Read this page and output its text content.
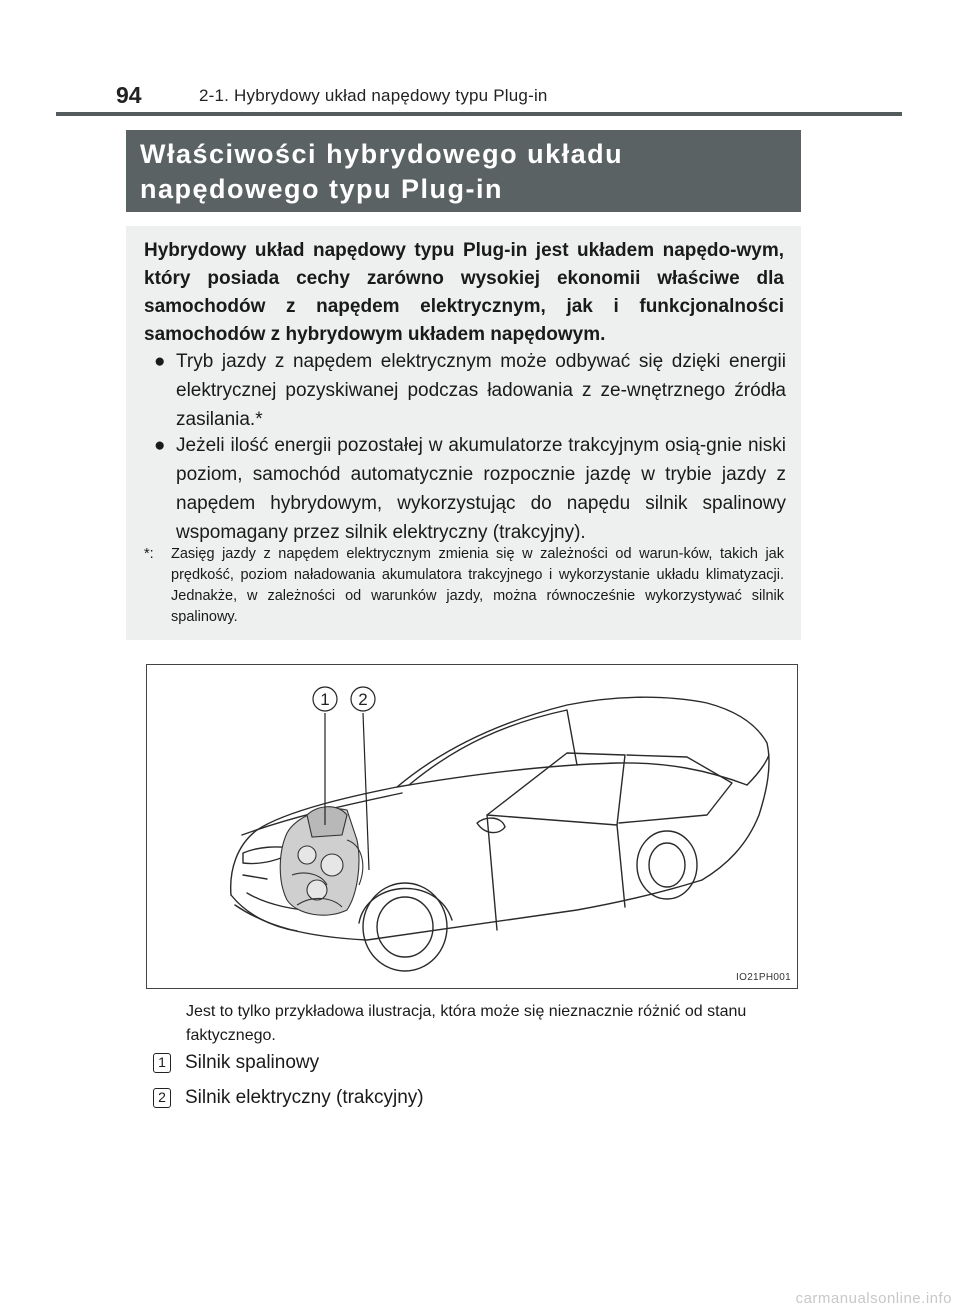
94	2-1. Hybrydowy układ napędowy typu Plug-in
Właściwości hybrydowego układu
napędowego typu Plug-in
Hybrydowy układ napędowy typu Plug-in jest układem napędo-wym, który posiada cechy zarówno wysokiej ekonomii właściwe dla samochodów z napędem elektrycznym, jak i funkcjonalności samochodów z hybrydowym układem napędowym.
● Tryb jazdy z napędem elektrycznym może odbywać się dzięki energii elektrycznej pozyskiwanej podczas ładowania z ze-wnętrznego źródła zasilania.*
● Jeżeli ilość energii pozostałej w akumulatorze trakcyjnym osią-gnie niski poziom, samochód automatycznie rozpocznie jazdę w trybie jazdy z napędem hybrydowym, wykorzystując do napędu silnik spalinowy wspomagany przez silnik elektryczny (trakcyjny).
*: Zasięg jazdy z napędem elektrycznym zmienia się w zależności od warun-ków, takich jak prędkość, poziom naładowania akumulatora trakcyjnego i wykorzystanie układu klimatyzacji. Jednakże, w zależności od warunków jazdy, można równocześnie wykorzystywać silnik spalinowy.
1 2
IO21PH001
Jest to tylko przykładowa ilustracja, która może się nieznacznie różnić od stanu faktycznego.
1 Silnik spalinowy
2 Silnik elektryczny (trakcyjny)
carmanualsonline.info
